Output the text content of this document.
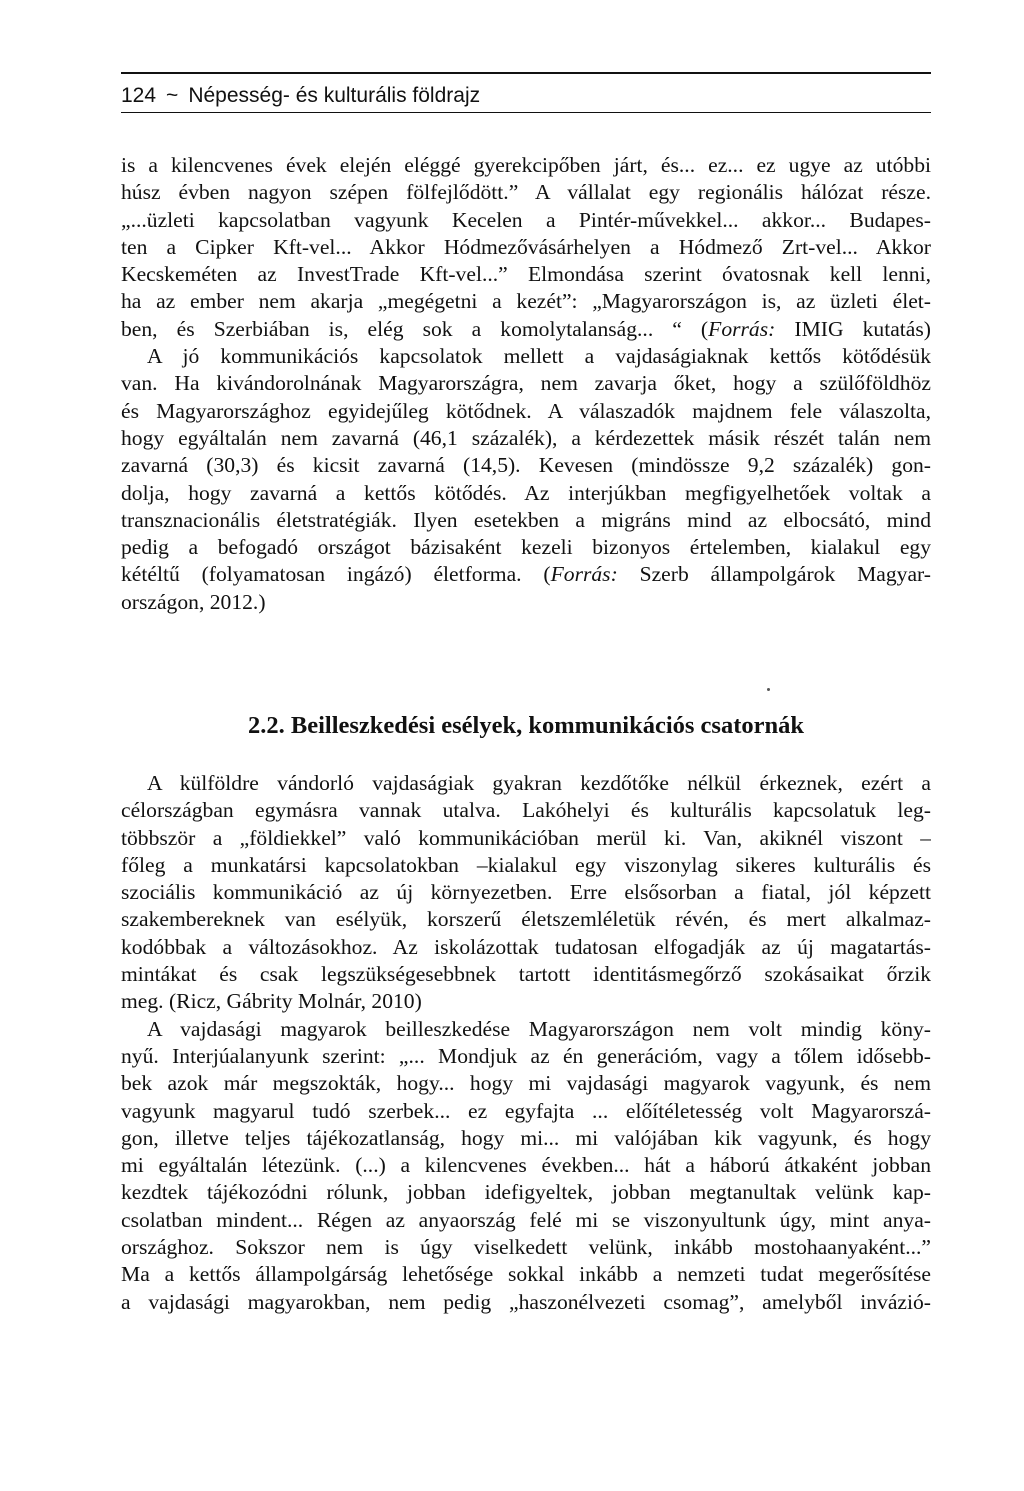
124 ~ Népesség- és kulturális földrajz
is a kilencvenes évek elején eléggé gyerekcipőben járt, és... ez... ez ugye az utóbbi
húsz évben nagyon szépen fölfejlődött.” A vállalat egy regionális hálózat része.
„...üzleti kapcsolatban vagyunk Kecelen a Pintér-művekkel... akkor... Budapes-
ten a Cipker Kft-vel... Akkor Hódmezővásárhelyen a Hódmező Zrt-vel... Akkor
Kecskeméten az InvestTrade Kft-vel...” Elmondása szerint óvatosnak kell lenni,
ha az ember nem akarja „megégetni a kezét”: „Magyarországon is, az üzleti élet-
ben, és Szerbiában is, elég sok a komolytalanság... “ (Forrás: IMIG kutatás)
A jó kommunikációs kapcsolatok mellett a vajdaságiaknak kettős kötődésük
van. Ha kivándorolnának Magyarországra, nem zavarja őket, hogy a szülőföldhöz
és Magyarországhoz egyidejűleg kötődnek. A válaszadók majdnem fele válaszolta,
hogy egyáltalán nem zavarná (46,1 százalék), a kérdezettek másik részét talán nem
zavarná (30,3) és kicsit zavarná (14,5). Kevesen (mindössze 9,2 százalék) gon-
dolja, hogy zavarná a kettős kötődés. Az interjúkban megfigyelhetőek voltak a
transznacionális életstratégiák. Ilyen esetekben a migráns mind az elbocsátó, mind
pedig a befogadó országot bázisaként kezeli bizonyos értelemben, kialakul egy
kétéltű (folyamatosan ingázó) életforma. (Forrás: Szerb állampolgárok Magyar-
országon, 2012.)
2.2. Beilleszkedési esélyek, kommunikációs csatornák
A külföldre vándorló vajdaságiak gyakran kezdőtőke nélkül érkeznek, ezért a
célországban egymásra vannak utalva. Lakóhelyi és kulturális kapcsolatuk leg-
többször a „földiekkel” való kommunikációban merül ki. Van, akiknél viszont –
főleg a munkatársi kapcsolatokban –kialakul egy viszonylag sikeres kulturális és
szociális kommunikáció az új környezetben. Erre elsősorban a fiatal, jól képzett
szakembereknek van esélyük, korszerű életszemléletük révén, és mert alkalmaz-
kodóbbak a változásokhoz. Az iskolázottak tudatosan elfogadják az új magatartás-
mintákat és csak legszükségesebbnek tartott identitásmegőrző szokásaikat őrzik
meg. (Ricz, Gábrity Molnár, 2010)
A vajdasági magyarok beilleszkedése Magyarországon nem volt mindig köny-
nyű. Interjúalanyunk szerint: „... Mondjuk az én generációm, vagy a tőlem idősebb-
bek azok már megszokták, hogy... hogy mi vajdasági magyarok vagyunk, és nem
vagyunk magyarul tudó szerbek... ez egyfajta ... előítéletesség volt Magyarorszá-
gon, illetve teljes tájékozatlanság, hogy mi... mi valójában kik vagyunk, és hogy
mi egyáltalán létezünk. (...) a kilencvenes években... hát a háború átkaként jobban
kezdtek tájékozódni rólunk, jobban idefigyeltek, jobban megtanultak velünk kap-
csolatban mindent... Régen az anyaország felé mi se viszonyultunk úgy, mint anya-
országhoz. Sokszor nem is úgy viselkedett velünk, inkább mostohaanyaként...”
Ma a kettős állampolgárság lehetősége sokkal inkább a nemzeti tudat megerősítése
a vajdasági magyarokban, nem pedig „haszonélvezeti csomag”, amelyből invázió-
